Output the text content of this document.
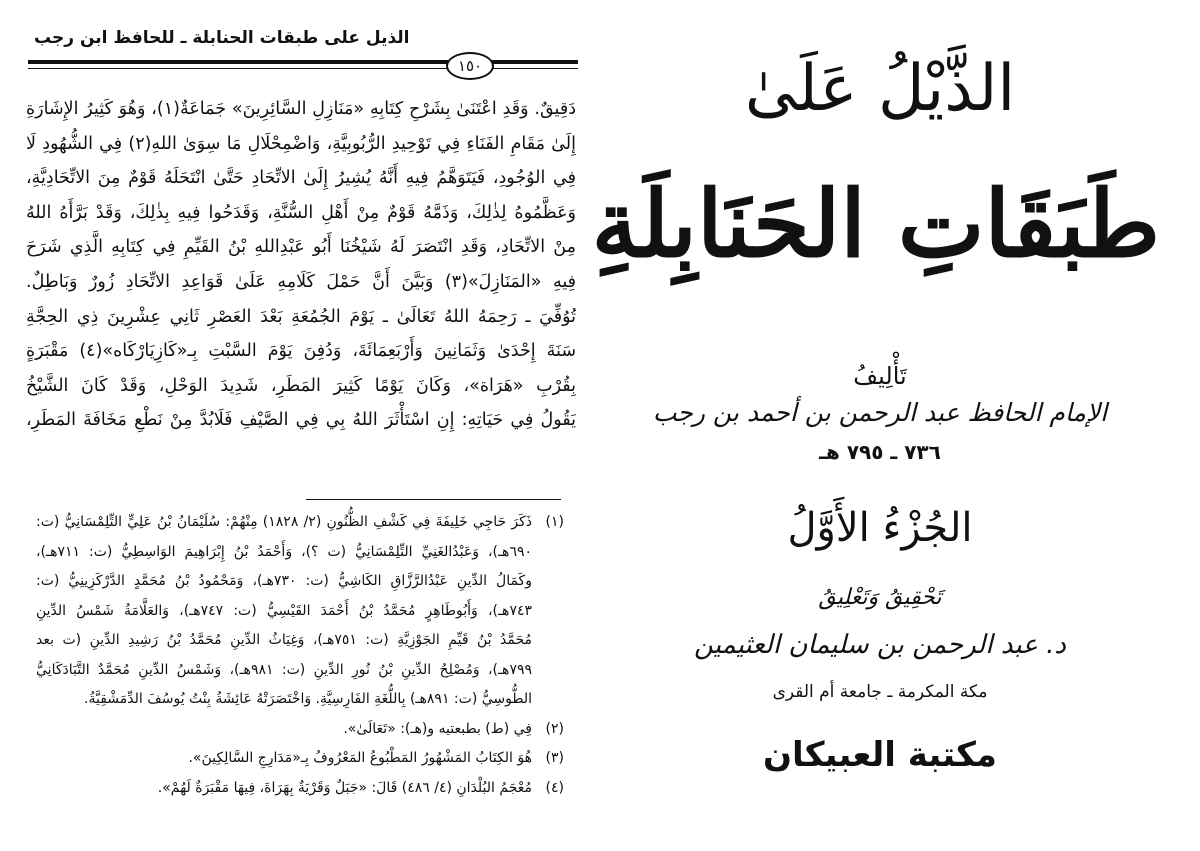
الذيل على طبقات الحنابلة ـ للحافظ ابن رجب
١٥٠
دَقِيقٌ. وَقَدِ اعْتَنَىٰ بِشَرْحِ كِتَابِهِ «مَنَازِلِ السَّائِرِينَ» جَمَاعَةٌ(١)، وَهُوَ كَثِيرُ الإِشَارَةِ
إِلَىٰ مَقَامِ الفَنَاءِ فِي تَوْحِيدِ الرُّبُوبِيَّةِ، وَاضْمِحْلَالِ مَا سِوَىٰ اللهِ(٢) فِي الشُّهُودِ لَا
فِي الوُجُودِ، فَيَتَوَهَّمُ فِيهِ أَنَّهُ يُشِيرُ إِلَىٰ الاتِّحَادِ حَتَّىٰ انْتَحَلَهُ قَوْمٌ مِنَ الاتِّحَادِيَّةِ،
وَعَظَّمُوهُ لِذٰلِكَ، وَذَمَّهُ قَوْمٌ مِنْ أَهْلِ السُّنَّةِ، وَقَدَحُوا فِيهِ بِذٰلِكَ، وَقَدْ بَرَّأَهُ اللهُ
مِنْ الاتِّحَادِ، وَقَدِ انْتَصَرَ لَهُ شَيْخُنَا أَبُو عَبْدِاللهِ بْنُ القَيِّمِ فِي كِتَابِهِ الَّذِي شَرَحَ
فِيهِ «المَنَازِلَ»(٣) وَبَيَّنَ أَنَّ حَمْلَ كَلَامِهِ عَلَىٰ قَوَاعِدِ الاتِّحَادِ زُورٌ وَبَاطِلٌ.
تُوُفِّيَ ـ رَحِمَهُ اللهُ تَعَالَىٰ ـ يَوْمَ الجُمُعَةِ بَعْدَ العَصْرِ ثَانِي عِشْرِينَ ذِي الحِجَّةِ
سَنَةَ إِحْدَىٰ وَثَمَانِينَ وَأَرْبَعِمَائَةَ، وَدُفِنَ يَوْمَ السَّبْتِ بِـ«كَازِيَارْكَاه»(٤) مَقْبَرَةٍ
بِقُرْبِ «هَرَاة»، وَكَانَ يَوْمًا كَثِيرَ المَطَرِ، شَدِيدَ الوَحْلِ، وَقَدْ كَانَ الشَّيْخُ
يَقُولُ فِي حَيَاتِهِ: إِنِ اسْتَأْثَرَ اللهُ بِي فِي الصَّيْفِ فَلَابُدَّ مِنْ نَطْعِ مَخَافَةَ المَطَرِ،
(١)
ذَكَرَ حَاجِي خَلِيفَةَ فِي كَشْفِ الظُّنُونِ (٢/ ١٨٢٨) مِنْهُمْ: سُلَيْمَانُ بْنُ عَلِيٍّ التِّلِمْسَانِيُّ (ت:
٦٩٠هـ)، وَعَبْدُالغَنِيِّ التِّلِمْسَانِيُّ (ت ؟)، وَأَحْمَدُ بْنُ إِبْرَاهِيمَ الوَاسِطِيُّ (ت: ٧١١هـ)،
وكَمَالُ الدِّينِ عَبْدُالرَّزَّاقِ الكَاشِيُّ (ت: ٧٣٠هـ)، وَمَحْمُودُ بْنُ مُحَمَّدٍ الدَّرْكَزِينِيُّ (ت:
٧٤٣هـ)، وَأَبُوطَاهِرٍ مُحَمَّدُ بْنُ أَحْمَدَ القَيْسِيُّ (ت: ٧٤٧هـ)، وَالعَلَّامَةُ شَمْسُ الدِّينِ
مُحَمَّدُ بْنُ قَيِّمِ الجَوْزِيَّةِ (ت: ٧٥١هـ)، وَغِيَاثُ الدِّينِ مُحَمَّدُ بْنُ رَشِيدِ الدِّينِ (ت بعد
٧٩٩هـ)، وَمُصْلِحُ الدِّينِ بْنُ نُورِ الدِّينِ (ت: ٩٨١هـ)، وَشَمْسُ الدِّينِ مُحَمَّدٌ التَّبَادَكَانِيُّ
الطُّوسِيُّ (ت: ٨٩١هـ) بِاللُّغَةِ الفَارِسِيَّةِ. وَاخْتَصَرَتْهُ عَائِشَةُ بِنْتُ يُوسُفَ الدِّمَشْقِيَّةُ.
(٢)
فِي (ط) بطبعتيه و(هـ): «تَعَالَىٰ».
(٣)
هُوَ الكِتَابُ المَشْهُورُ المَطْبُوعُ المَعْرُوفُ بِـ«مَدَارِجِ السَّالِكِينَ».
(٤)
مُعْجَمُ البُلْدَانِ (٤/ ٤٨٦) قَالَ: «جَبَلٌ وَقَرْيَةٌ بِهَرَاةَ، فِيهَا مَقْبَرَةٌ لَهُمْ».
الذَّيْلُ عَلَىٰ
طَبَقَاتِ الحَنَابِلَةِ
تَأْلِيفُ
الإمام الحافظ عبد الرحمن بن أحمد بن رجب
٧٣٦ ـ ٧٩٥ هـ
الجُزْءُ الأَوَّلُ
تَحْقِيقُ وَتَعْلِيقُ
د. عبد الرحمن بن سليمان العثيمين
مكة المكرمة ـ جامعة أم القرى
مكتبة العبيكان
